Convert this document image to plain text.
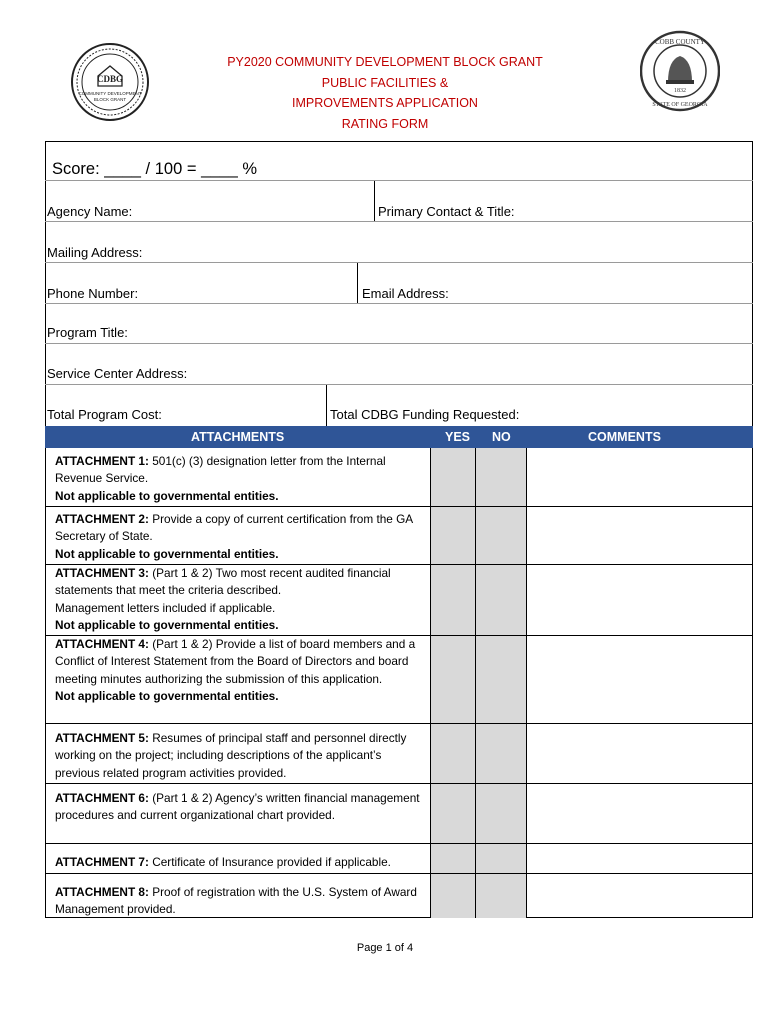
CDBG
COMMUNITY DEVELOPMENT
BLOCK GRANT
COBB COUNTY
1832
STATE OF GEORGIA
PY2020 COMMUNITY DEVELOPMENT BLOCK GRANT
PUBLIC FACILITIES &
IMPROVEMENTS APPLICATION
RATING FORM
Score: ____ / 100 = ____ %
Agency Name:	Primary Contact & Title:
Mailing Address:
Phone Number:	Email Address:
Program Title:
Service Center Address:
Total Program Cost:	Total CDBG Funding Requested:
ATTACHMENTS	YES NO	COMMENTS
ATTACHMENT 1: 501(c) (3) designation letter from the Internal Revenue Service.
Not applicable to governmental entities.
ATTACHMENT 2: Provide a copy of current certification from the GA Secretary of State.
Not applicable to governmental entities.
ATTACHMENT 3: (Part 1 & 2) Two most recent audited financial statements that meet the criteria described.
Management letters included if applicable.
Not applicable to governmental entities.
ATTACHMENT 4: (Part 1 & 2) Provide a list of board members and a Conflict of Interest Statement from the Board of Directors and board meeting minutes authorizing the submission of this application.
Not applicable to governmental entities.
ATTACHMENT 5: Resumes of principal staff and personnel directly working on the project; including descriptions of the applicant’s previous related program activities provided.
ATTACHMENT 6: (Part 1 & 2) Agency’s written financial management procedures and current organizational chart provided.
ATTACHMENT 7: Certificate of Insurance provided if applicable.
ATTACHMENT 8: Proof of registration with the U.S. System of Award Management provided.
Page 1 of 4
